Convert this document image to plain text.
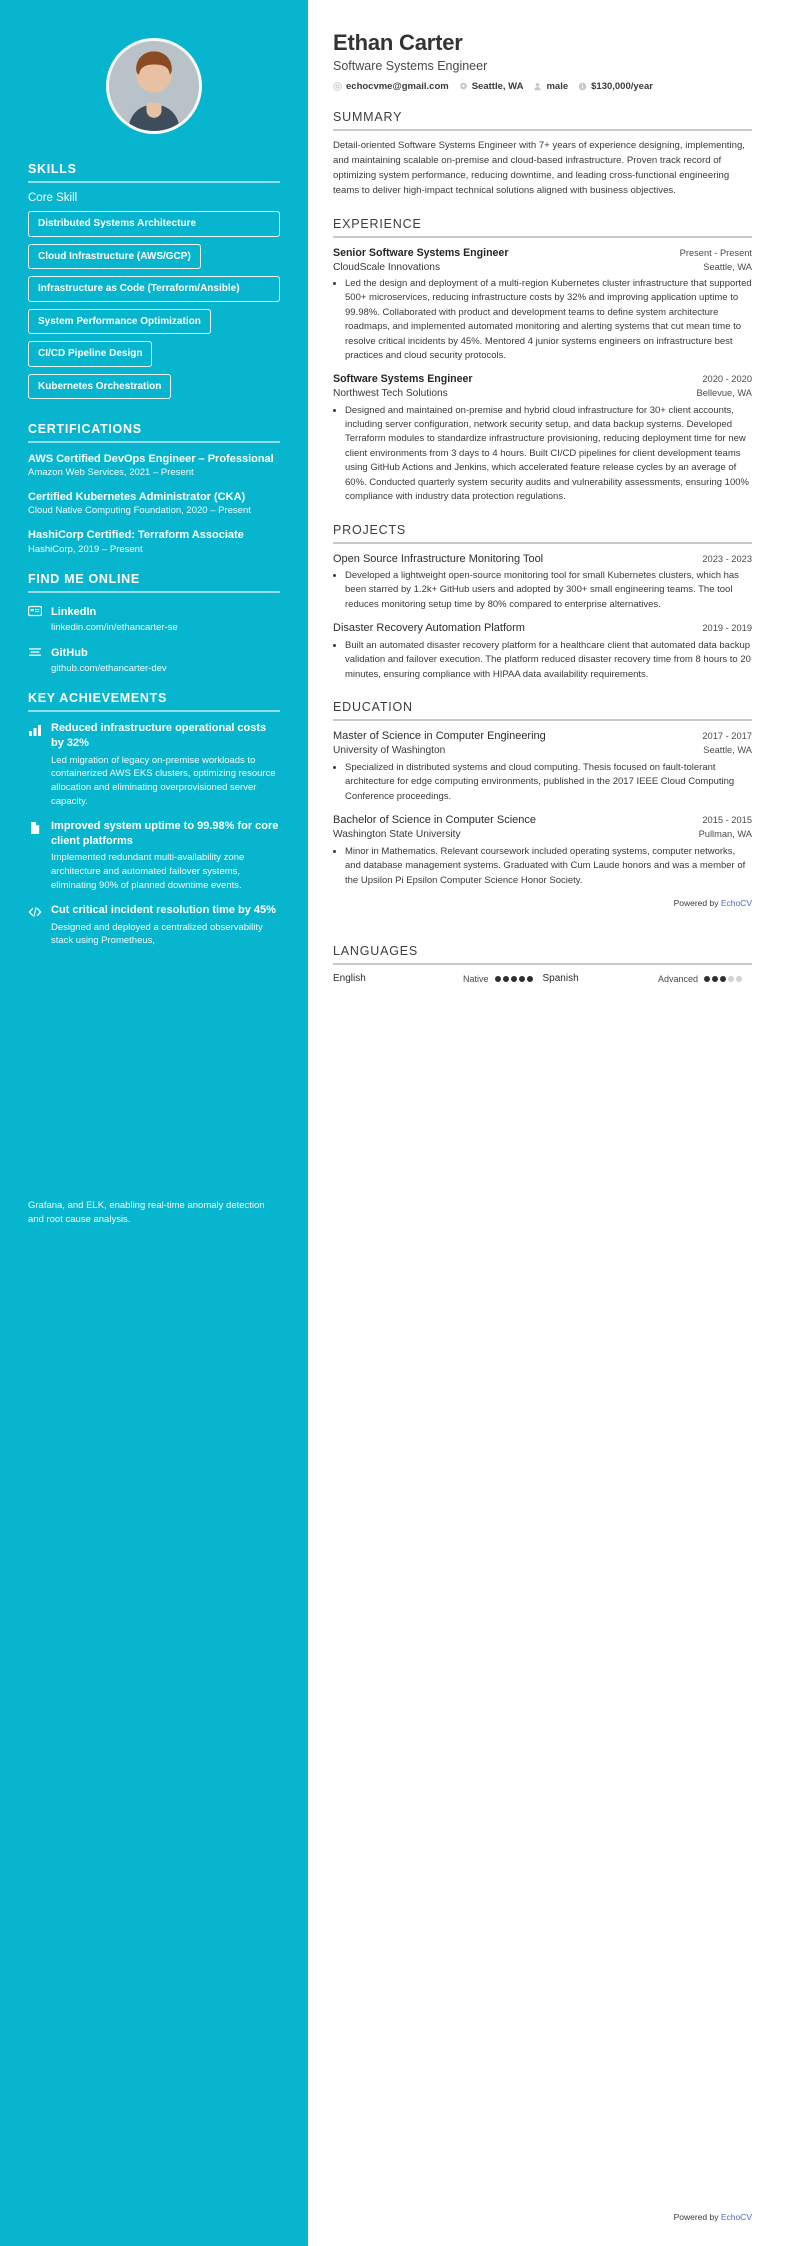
SKILLS
Core Skill
Distributed Systems Architecture
Cloud Infrastructure (AWS/GCP)
Infrastructure as Code (Terraform/Ansible)
System Performance Optimization CI/CD Pipeline Design Kubernetes Orchestration
CERTIFICATIONS
AWS Certified DevOps Engineer – Professional
Amazon Web Services, 2021 – Present
Certified Kubernetes Administrator (CKA)
Cloud Native Computing Foundation, 2020 – Present
HashiCorp Certified: Terraform Associate
HashiCorp, 2019 – Present
FIND ME ONLINE
LinkedIn
linkedin.com/in/ethancarter-se
GitHub
github.com/ethancarter-dev
KEY ACHIEVEMENTS
Reduced infrastructure operational costs by 32%
Led migration of legacy on-premise workloads to containerized AWS EKS clusters, optimizing resource allocation and eliminating overprovisioned server capacity.
Improved system uptime to 99.98% for core client platforms
Implemented redundant multi-availability zone architecture and automated failover systems, eliminating 90% of planned downtime events.
Cut critical incident resolution time by 45%
Designed and deployed a centralized observability stack using Prometheus,
Ethan Carter
Software Systems Engineer
echocvme@gmail.com Seattle, WA male $130,000/year
SUMMARY

Detail-oriented Software Systems Engineer with 7+ years of experience designing, implementing, and maintaining scalable on-premise and cloud-based infrastructure. Proven track record of optimizing system performance, reducing downtime, and leading cross-functional engineering teams to deliver high-impact technical solutions aligned with business objectives.

EXPERIENCE
Senior Software Systems Engineer	Present - Present
CloudScale Innovations	Seattle, WA
• Led the design and deployment of a multi-region Kubernetes cluster infrastructure that supported 500+ microservices, reducing infrastructure costs by 32% and improving application uptime to 99.98%. Collaborated with product and development teams to define system architecture roadmaps, and implemented automated monitoring and alerting systems that cut mean time to resolve critical incidents by 45%. Mentored 4 junior systems engineers on infrastructure best practices and cloud security protocols.
Software Systems Engineer	2020 - 2020
Northwest Tech Solutions	Bellevue, WA
• Designed and maintained on-premise and hybrid cloud infrastructure for 30+ client accounts, including server configuration, network security setup, and data backup systems. Developed Terraform modules to standardize infrastructure provisioning, reducing deployment time for new client environments from 3 days to 4 hours. Built CI/CD pipelines for client development teams using GitHub Actions and Jenkins, which accelerated feature release cycles by an average of 60%. Conducted quarterly system security audits and vulnerability assessments, ensuring 100% compliance with industry data protection regulations.
PROJECTS
Open Source Infrastructure Monitoring Tool	2023 - 2023
• Developed a lightweight open-source monitoring tool for small Kubernetes clusters, which has been starred by 1.2k+ GitHub users and adopted by 300+ small engineering teams. The tool reduces monitoring setup time by 80% compared to enterprise alternatives.
Disaster Recovery Automation Platform	2019 - 2019
• Built an automated disaster recovery platform for a healthcare client that automated data backup validation and failover execution. The platform reduced disaster recovery time from 8 hours to 20 minutes, ensuring compliance with HIPAA data availability requirements.
EDUCATION
Master of Science in Computer Engineering	2017 - 2017
University of Washington	Seattle, WA
• Specialized in distributed systems and cloud computing. Thesis focused on fault-tolerant architecture for edge computing environments, published in the 2017 IEEE Cloud Computing Conference proceedings.
Bachelor of Science in Computer Science	2015 - 2015
Washington State University	Pullman, WA
• Minor in Mathematics. Relevant coursework included operating systems, computer networks, and database management systems. Graduated with Cum Laude honors and was a member of the Upsilon Pi Epsilon Computer Science Honor Society.
Powered by EchoCV
LANGUAGES
English	Native	Spanish	Advanced
Grafana, and ELK, enabling real-time anomaly detection and root cause analysis.
Powered by EchoCV
